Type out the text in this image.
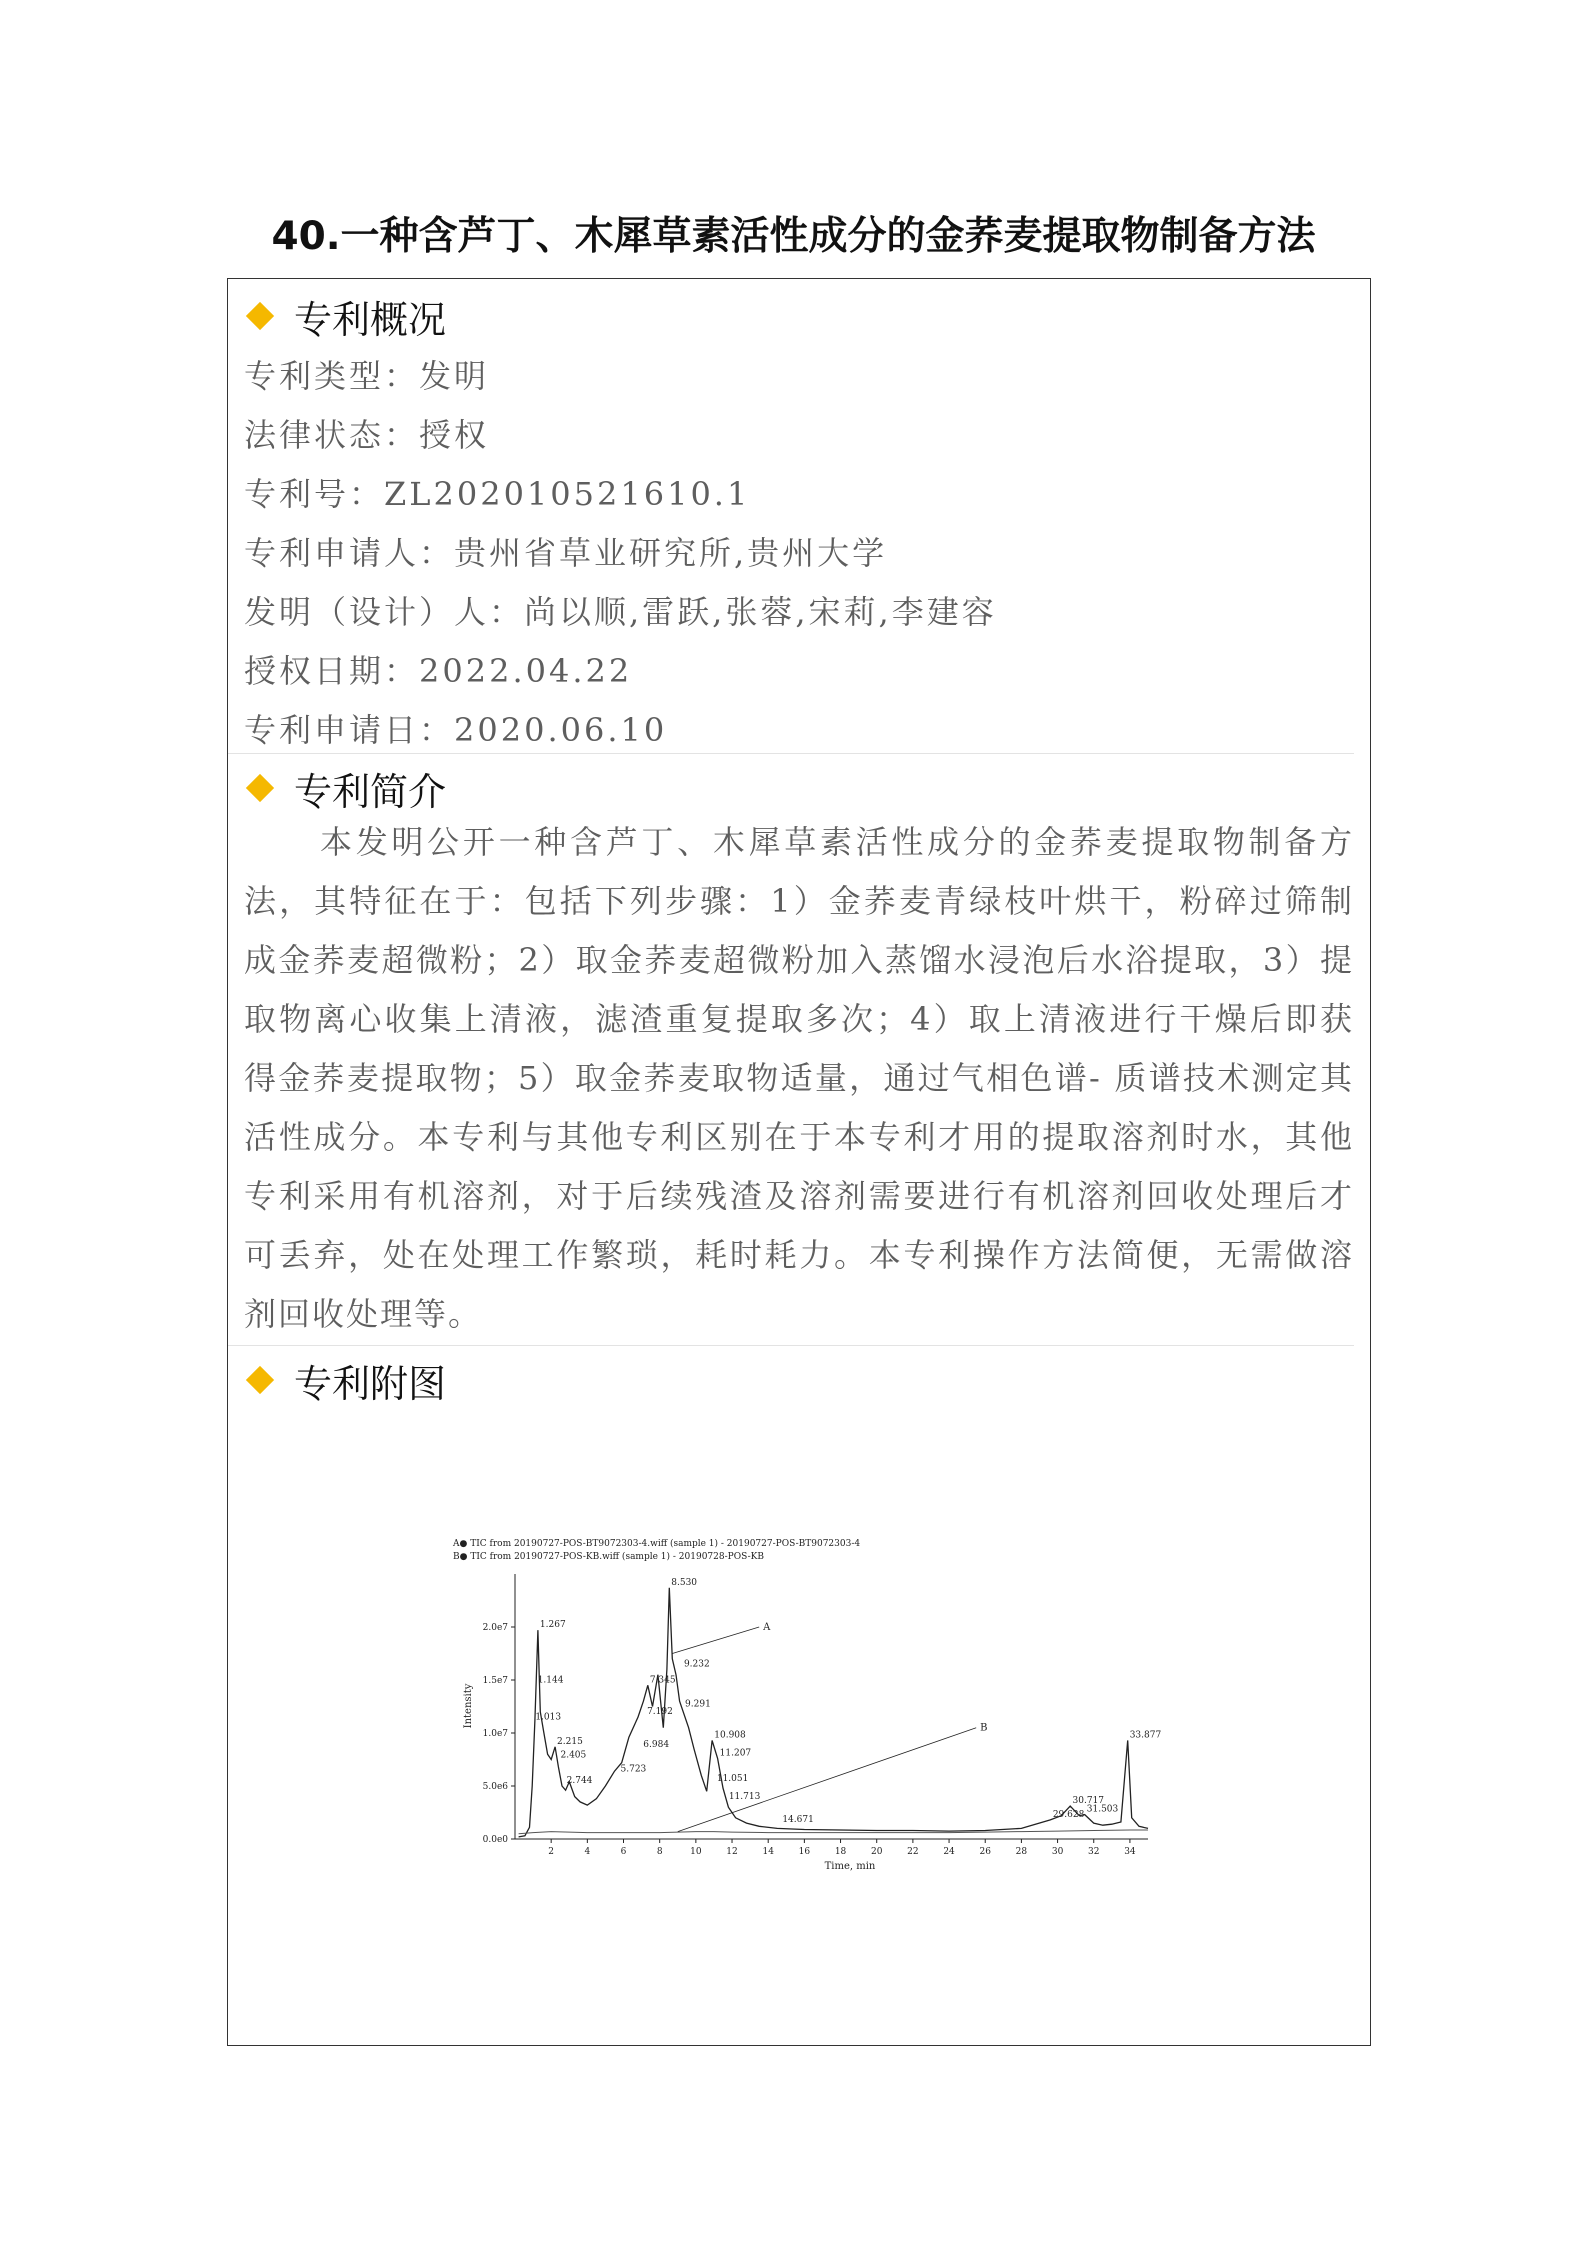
40.一种含芦丁、木犀草素活性成分的金荞麦提取物制备方法
专利概况
专利类型：发明
法律状态：授权
专利号：ZL202010521610.1
专利申请人：贵州省草业研究所,贵州大学
发明（设计）人：尚以顺,雷跃,张蓉,宋莉,李建容
授权日期：2022.04.22
专利申请日：2020.06.10
专利简介
本发明公开一种含芦丁、木犀草素活性成分的金荞麦提取物制备方法，其特征在于：包括下列步骤：1）金荞麦青绿枝叶烘干，粉碎过筛制成金荞麦超微粉；2）取金荞麦超微粉加入蒸馏水浸泡后水浴提取，3）提取物离心收集上清液，滤渣重复提取多次；4）取上清液进行干燥后即获得金荞麦提取物；5）取金荞麦取物适量，通过气相色谱- 质谱技术测定其活性成分。本专利与其他专利区别在于本专利才用的提取溶剂时水，其他专利采用有机溶剂，对于后续残渣及溶剂需要进行有机溶剂回收处理后才可丢弃，处在处理工作繁琐，耗时耗力。本专利操作方法简便，无需做溶剂回收处理等。
专利附图
A● TIC from 20190727-POS-BT9072303-4.wiff (sample 1) - 20190727-POS-BT9072303-4
B● TIC from 20190727-POS-KB.wiff (sample 1) - 20190728-POS-KB
Intensity
Time, min
2	4	6	8	10	12	14	16	18	20	22	24	26	28	30	32	34
0.0e0
5.0e6
1.0e7
1.5e7
2.0e7	1.267
1.144
1.013
2.215
2.405
2.744
5.723
6.984
7.192
7.345
8.530
9.232
9.291
10.908
11.207
11.051
11.713
14.671
29.628
30.717
31.503
33.877
A
B
